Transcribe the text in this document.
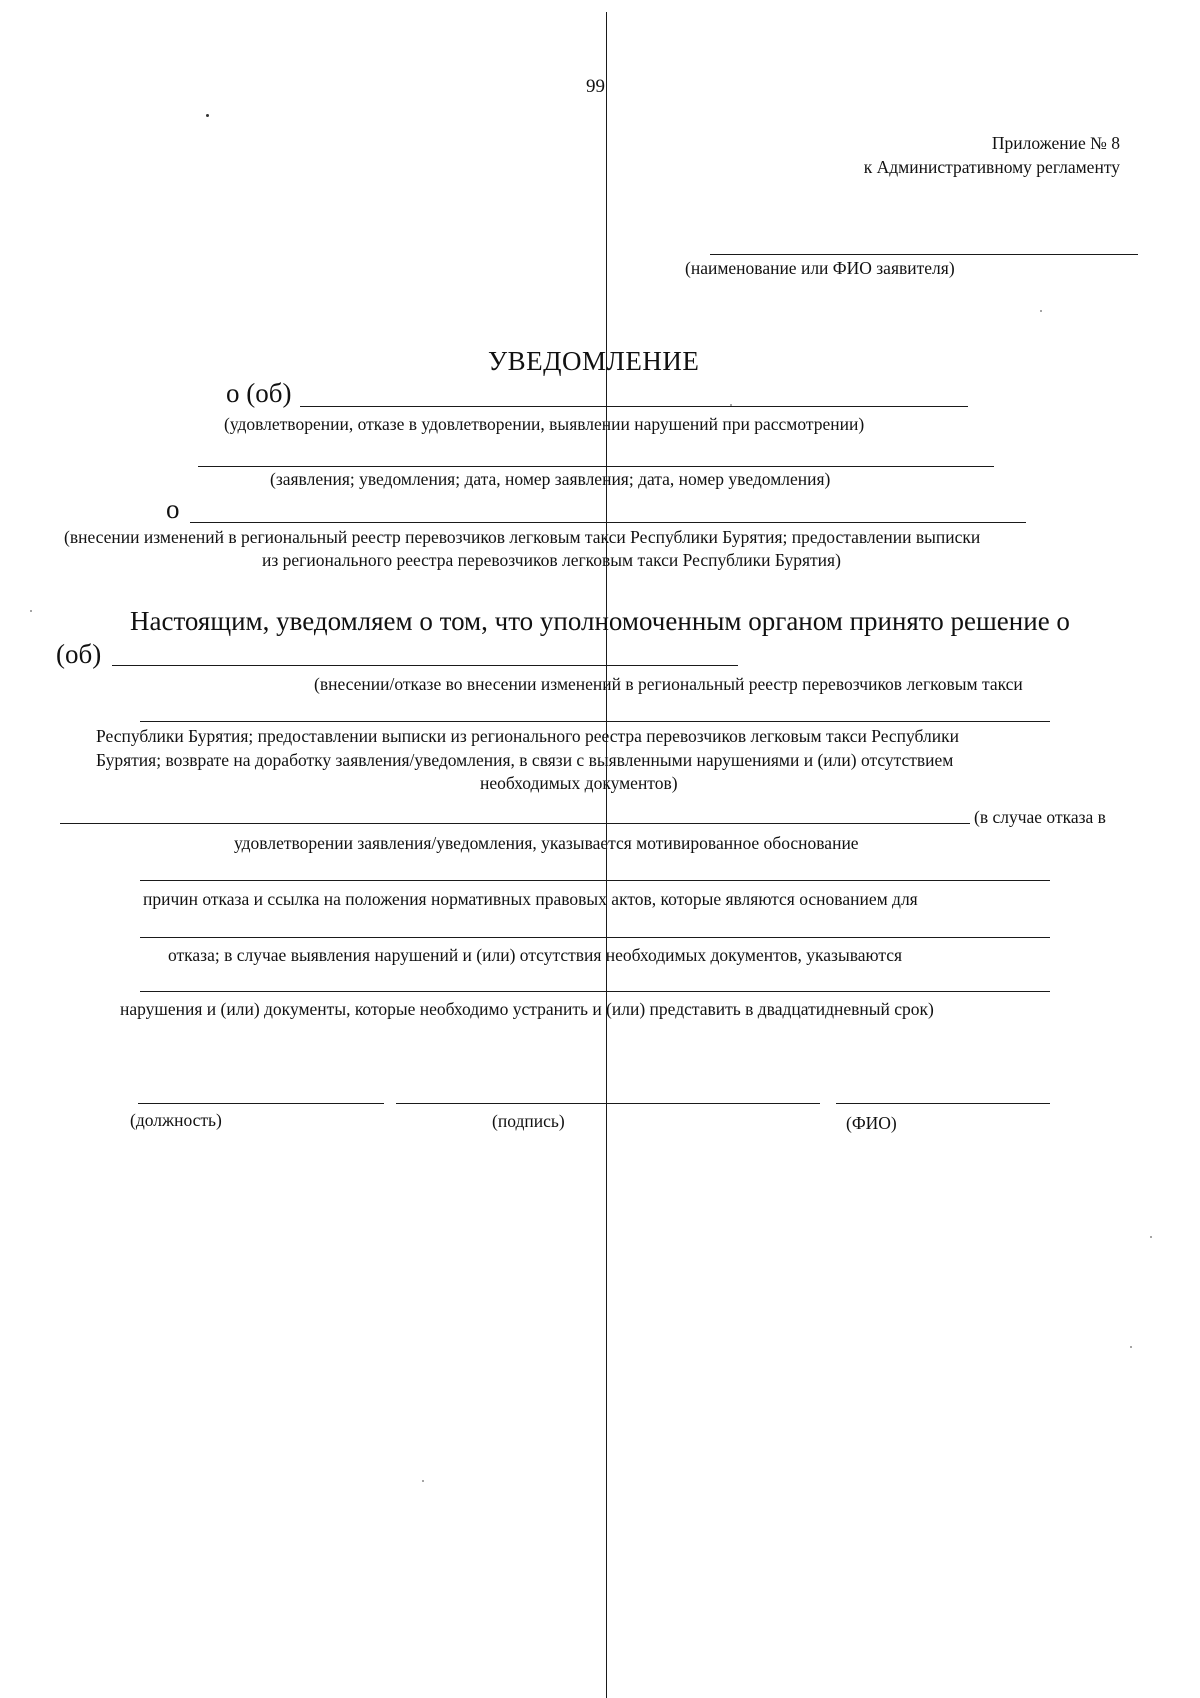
99
Приложение № 8
к Административному регламенту
(наименование или ФИО заявителя)
УВЕДОМЛЕНИЕ
о (об)
(удовлетворении, отказе в удовлетворении, выявлении нарушений при рассмотрении)
(заявления; уведомления; дата, номер заявления; дата, номер уведомления)
о
(внесении изменений в региональный реестр перевозчиков легковым такси Республики Бурятия; предоставлении выписки
из регионального реестра перевозчиков легковым такси Республики Бурятия)
Настоящим, уведомляем о том, что уполномоченным органом принято решение о
(об)
(внесении/отказе во внесении изменений в региональный реестр перевозчиков легковым такси
Республики Бурятия; предоставлении выписки из регионального реестра перевозчиков легковым такси Республики
Бурятия; возврате на доработку заявления/уведомления, в связи с выявленными нарушениями и (или) отсутствием
необходимых документов)
(в случае отказа в
удовлетворении заявления/уведомления, указывается мотивированное обоснование
причин отказа и ссылка на положения нормативных правовых актов, которые являются основанием для
отказа; в случае выявления нарушений и (или) отсутствия необходимых документов, указываются
нарушения и (или) документы, которые необходимо устранить и (или) представить в двадцатидневный срок)
(должность)	(подпись)	(ФИО)
